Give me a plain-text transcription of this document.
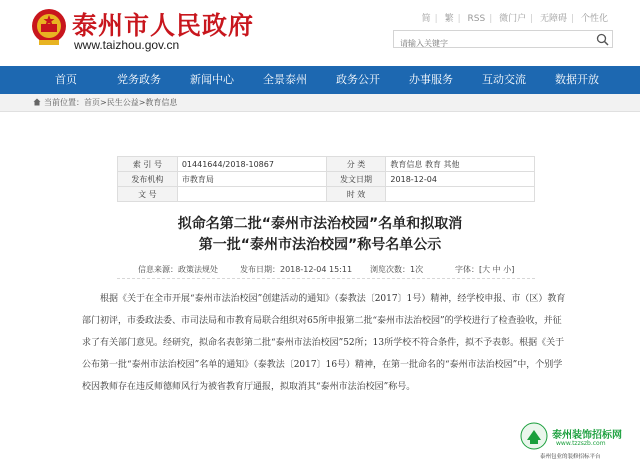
泰州市人民政府
www.taizhou.gov.cn
简 | 繁 | RSS | 微门户 | 无障碍 | 个性化
请输入关键字
首页	党务政务	新闻中心	全景泰州	政务公开	办事服务	互动交流	数据开放
当前位置：首页>民生公益>教育信息
索 引 号	01441644/2018-10867	分 类	教育信息 教育 其他
发布机构	市教育局	发文日期	2018-12-04
文 号		时 效	
拟命名第二批“泰州市法治校园”名单和拟取消
第一批“泰州市法治校园”称号名单公示
信息来源：政策法规处	发布日期：2018-12-04 15:11 浏览次数：1次	字体：[大 中 小]
根据《关于在全市开展“泰州市法治校园”创建活动的通知》（泰教法〔2017〕1号）精神，经学校申报、市（区）教育部门初评，市委政法委、市司法局和市教育局联合组织对65所申报第二批“泰州市法治校园”的学校进行了检查验收，并征求了有关部门意见。经研究，拟命名表彰第二批“泰州市法治校园”52所；13所学校不符合条件，拟不予表彰。根据《关于公布第一批“泰州市法治校园”名单的通知》（泰教法〔2017〕16号）精神，在第一批命名的“泰州市法治校园”中，个别学校因教师存在违反师德师风行为被省教育厅通报，拟取消其“泰州市法治校园”称号。
泰州装饰招标网
www.tzzszb.com
泰州包业的装修招标平台
